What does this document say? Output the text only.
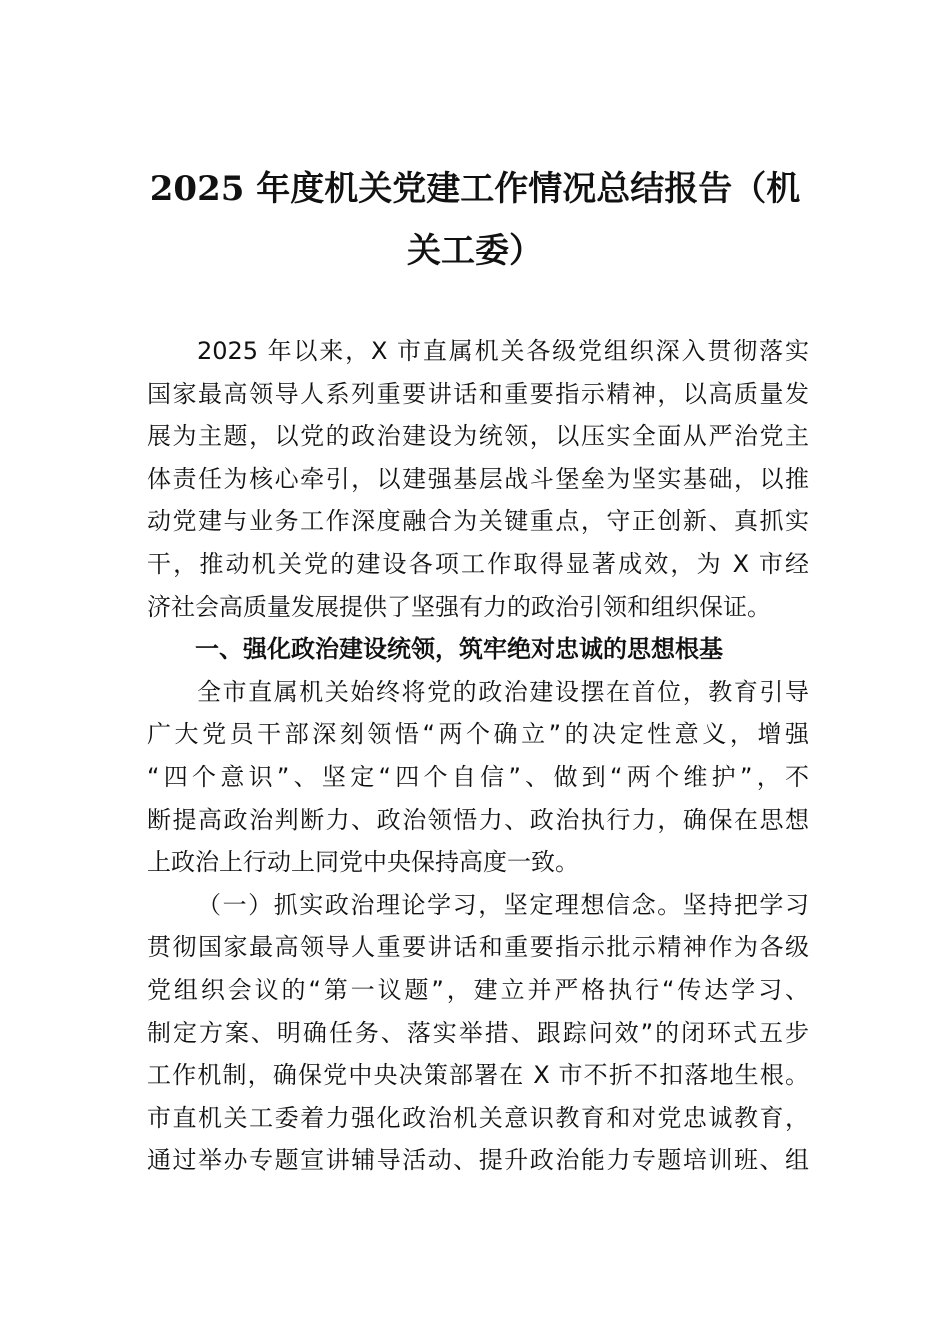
2025 年度机关党建工作情况总结报告（机
关工委）
2025 年以来，X 市直属机关各级党组织深入贯彻落实
国家最高领导人系列重要讲话和重要指示精神，以高质量发
展为主题，以党的政治建设为统领，以压实全面从严治党主
体责任为核心牵引，以建强基层战斗堡垒为坚实基础，以推
动党建与业务工作深度融合为关键重点，守正创新、真抓实
干，推动机关党的建设各项工作取得显著成效，为 X 市经
济社会高质量发展提供了坚强有力的政治引领和组织保证。
一、强化政治建设统领，筑牢绝对忠诚的思想根基
全市直属机关始终将党的政治建设摆在首位，教育引导
广大党员干部深刻领悟“两个确立”的决定性意义，增强
“四个意识”、坚定“四个自信”、做到“两个维护”，不
断提高政治判断力、政治领悟力、政治执行力，确保在思想
上政治上行动上同党中央保持高度一致。
（一）抓实政治理论学习，坚定理想信念。坚持把学习
贯彻国家最高领导人重要讲话和重要指示批示精神作为各级
党组织会议的“第一议题”，建立并严格执行“传达学习、
制定方案、明确任务、落实举措、跟踪问效”的闭环式五步
工作机制，确保党中央决策部署在 X 市不折不扣落地生根。
市直机关工委着力强化政治机关意识教育和对党忠诚教育，
通过举办专题宣讲辅导活动、提升政治能力专题培训班、组
